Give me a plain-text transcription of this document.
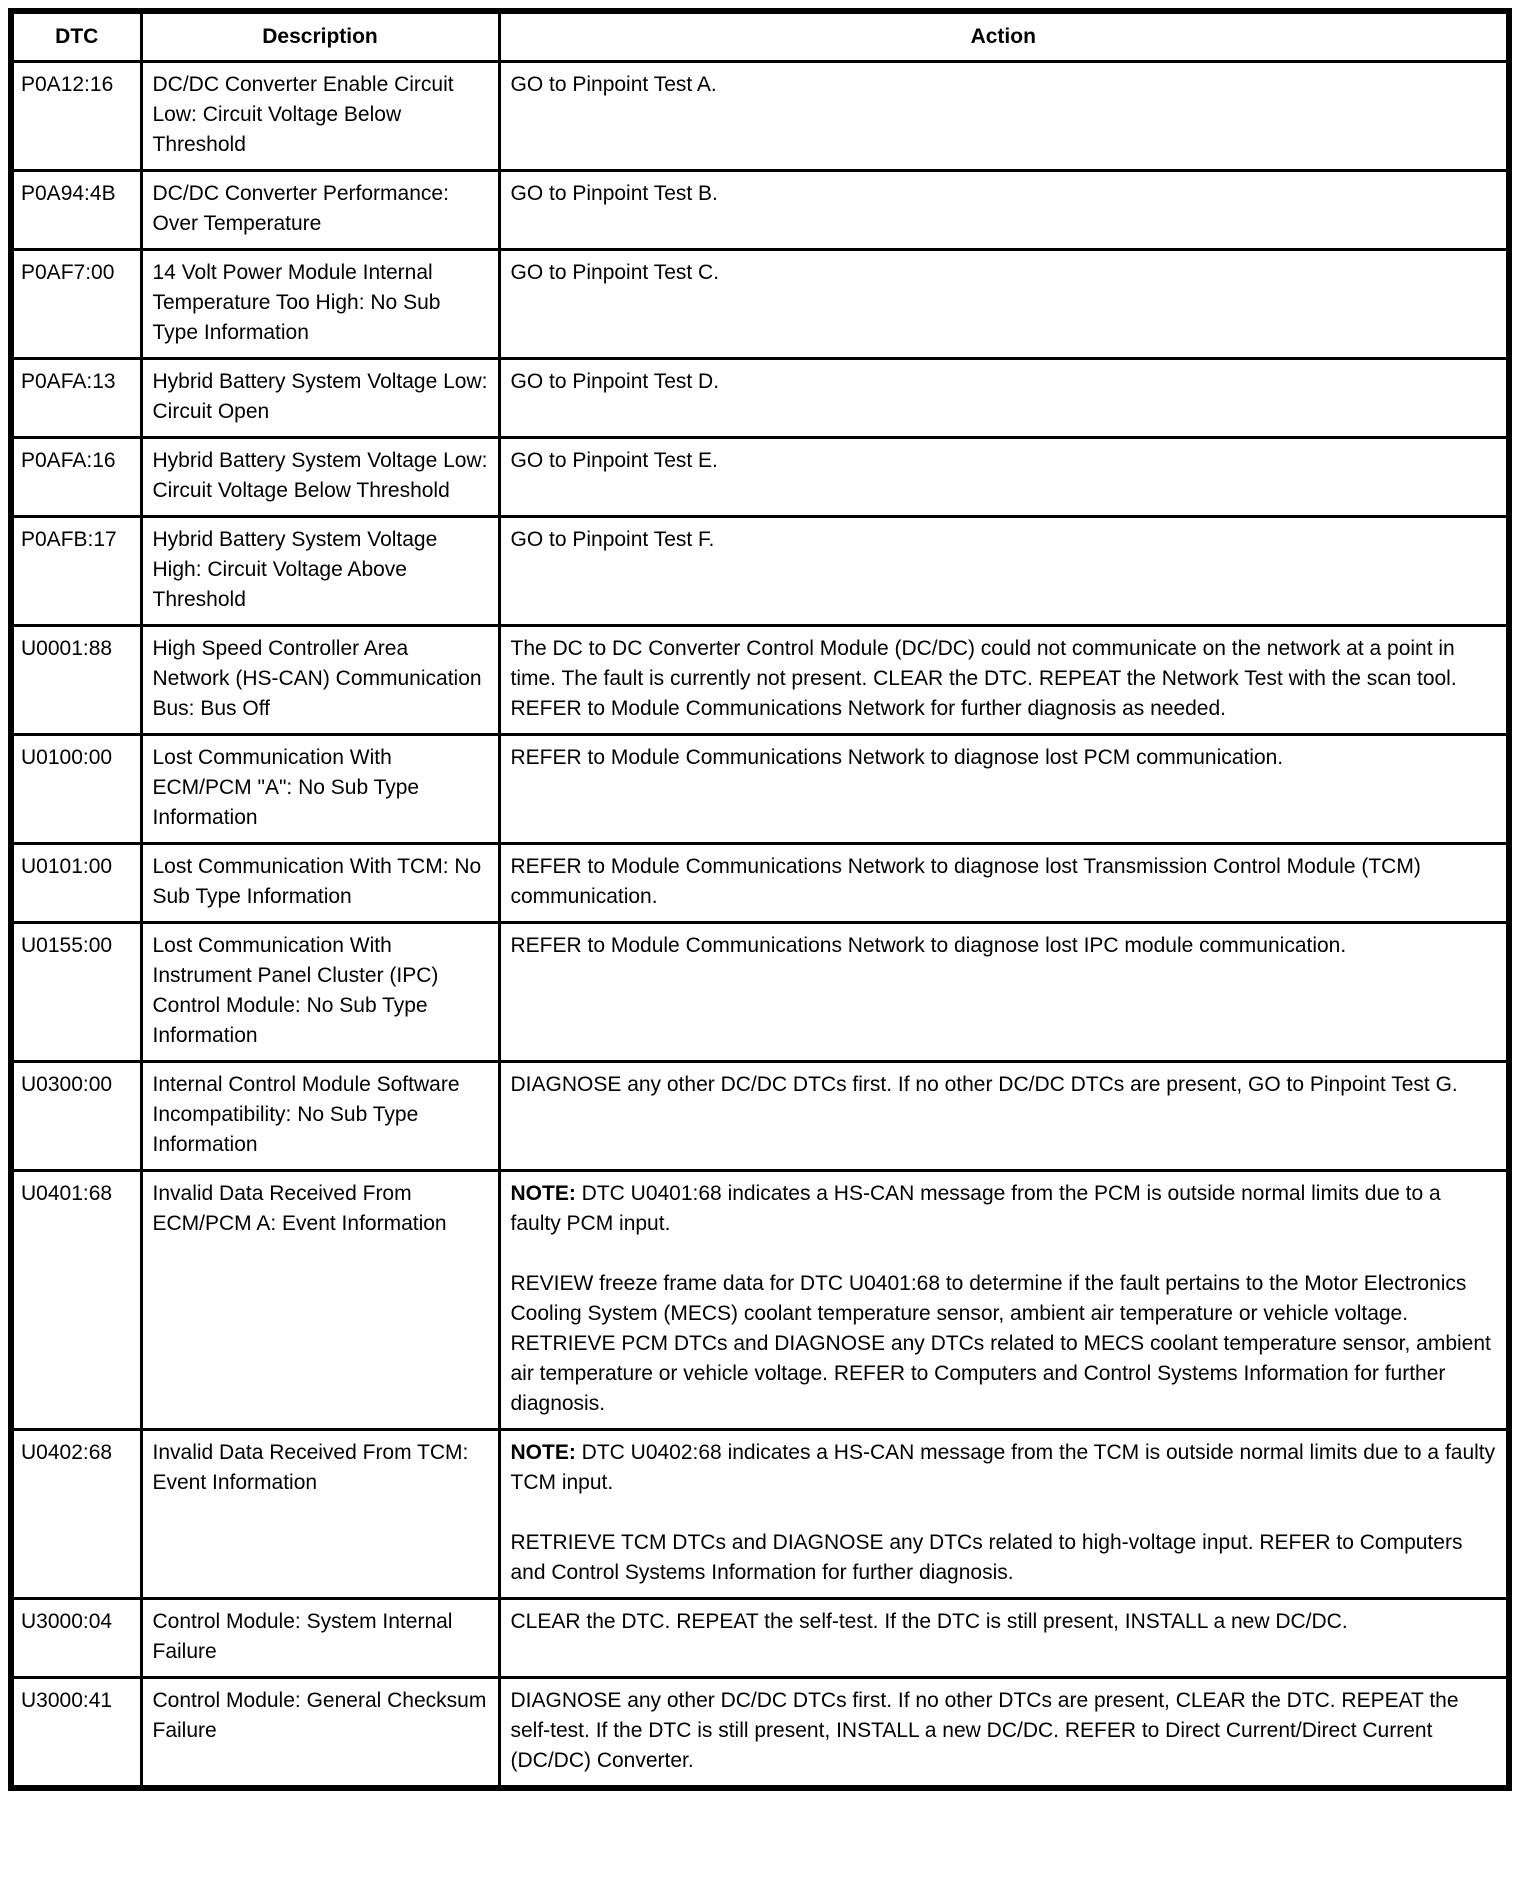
DTC	Description	Action
P0A12:16	DC/DC Converter Enable Circuit Low: Circuit Voltage Below Threshold	GO to Pinpoint Test A.

P0A94:4B	DC/DC Converter Performance: Over Temperature	GO to Pinpoint Test B.

P0AF7:00	14 Volt Power Module Internal Temperature Too High: No Sub Type Information	GO to Pinpoint Test C.

P0AFA:13	Hybrid Battery System Voltage Low: Circuit Open	GO to Pinpoint Test D.

P0AFA:16	Hybrid Battery System Voltage Low: Circuit Voltage Below Threshold	GO to Pinpoint Test E.

P0AFB:17	Hybrid Battery System Voltage High: Circuit Voltage Above Threshold	GO to Pinpoint Test F.

U0001:88	High Speed Controller Area Network (HS-CAN) Communication Bus: Bus Off	The DC to DC Converter Control Module (DC/DC) could not communicate on the network at a point in time. The fault is currently not present. CLEAR the DTC. REPEAT the Network Test with the scan tool. REFER to Module Communications Network for further diagnosis as needed.

U0100:00	Lost Communication With ECM/PCM "A": No Sub Type Information	REFER to Module Communications Network to diagnose lost PCM communication.

U0101:00	Lost Communication With TCM: No Sub Type Information	REFER to Module Communications Network to diagnose lost Transmission Control Module (TCM) communication.

U0155:00	Lost Communication With Instrument Panel Cluster (IPC) Control Module: No Sub Type Information	REFER to Module Communications Network to diagnose lost IPC module communication.

U0300:00	Internal Control Module Software Incompatibility: No Sub Type Information	DIAGNOSE any other DC/DC DTCs first. If no other DC/DC DTCs are present, GO to Pinpoint Test G.

U0401:68	Invalid Data Received From ECM/PCM A: Event Information	NOTE: DTC U0401:68 indicates a HS-CAN message from the PCM is outside normal limits due to a faulty PCM input.

REVIEW freeze frame data for DTC U0401:68 to determine if the fault pertains to the Motor Electronics Cooling System (MECS) coolant temperature sensor, ambient air temperature or vehicle voltage. RETRIEVE PCM DTCs and DIAGNOSE any DTCs related to MECS coolant temperature sensor, ambient air temperature or vehicle voltage. REFER to Computers and Control Systems Information for further diagnosis.

U0402:68	Invalid Data Received From TCM: Event Information	NOTE: DTC U0402:68 indicates a HS-CAN message from the TCM is outside normal limits due to a faulty TCM input.

RETRIEVE TCM DTCs and DIAGNOSE any DTCs related to high-voltage input. REFER to Computers and Control Systems Information for further diagnosis.

U3000:04	Control Module: System Internal Failure	CLEAR the DTC. REPEAT the self-test. If the DTC is still present, INSTALL a new DC/DC.

U3000:41	Control Module: General Checksum Failure	DIAGNOSE any other DC/DC DTCs first. If no other DTCs are present, CLEAR the DTC. REPEAT the self-test. If the DTC is still present, INSTALL a new DC/DC. REFER to Direct Current/Direct Current (DC/DC) Converter.
